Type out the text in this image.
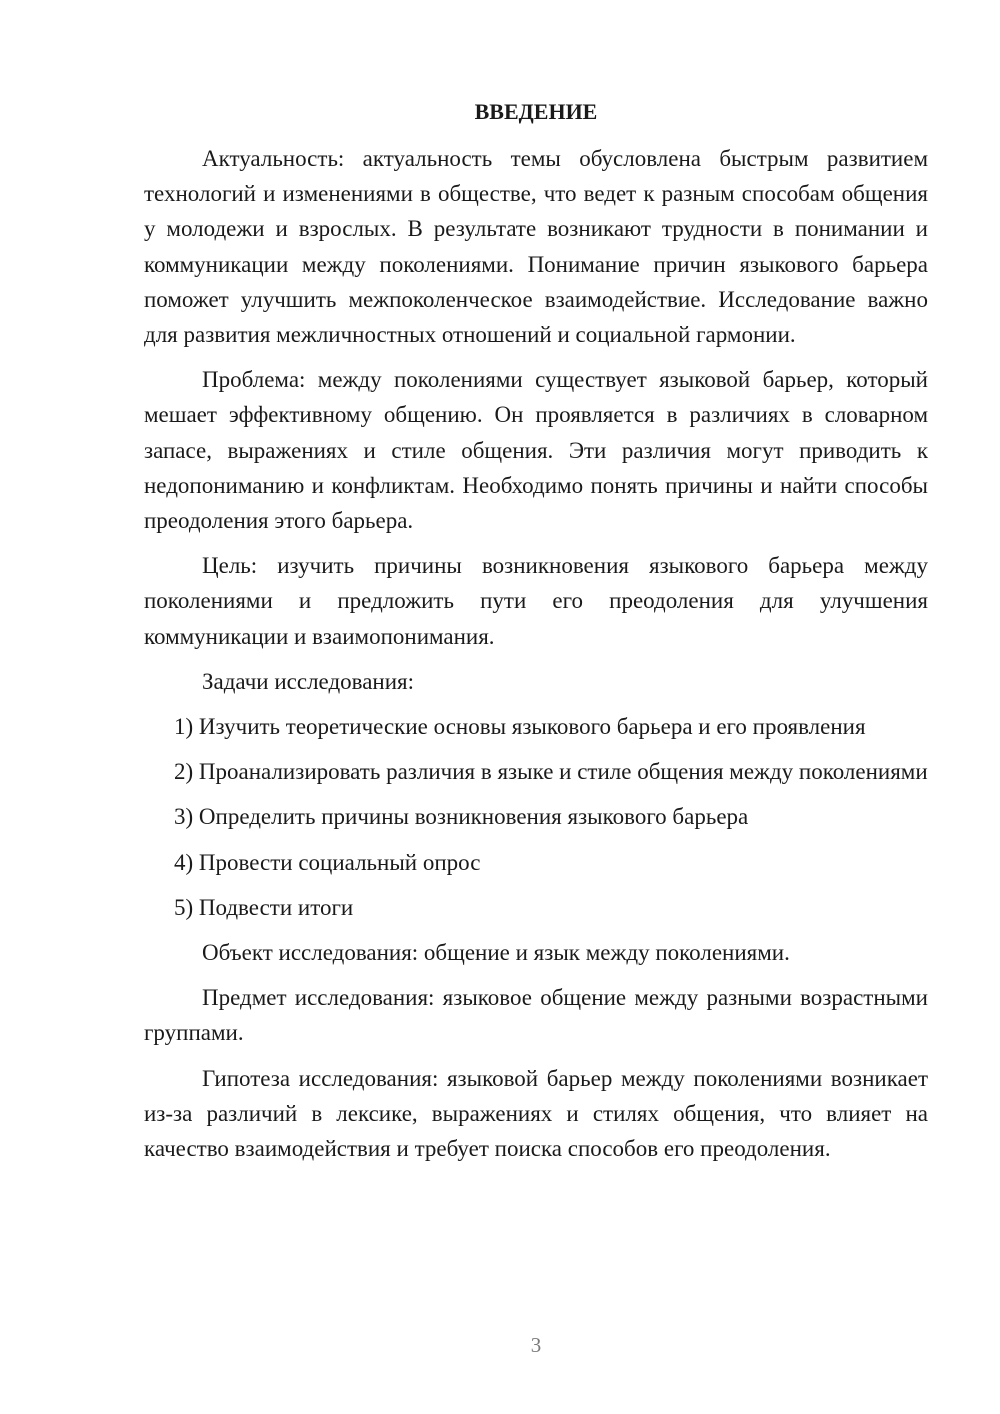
ВВЕДЕНИЕ

Актуальность: актуальность темы обусловлена быстрым развитием технологий и изменениями в обществе, что ведет к разным способам общения у молодежи и взрослых. В результате возникают трудности в понимании и коммуникации между поколениями. Понимание причин языкового барьера поможет улучшить межпоколенческое взаимодействие. Исследование важно для развития межличностных отношений и социальной гармонии.

Проблема: между поколениями существует языковой барьер, который мешает эффективному общению. Он проявляется в различиях в словарном запасе, выражениях и стиле общения. Эти различия могут приводить к недопониманию и конфликтам. Необходимо понять причины и найти способы преодоления этого барьера.

Цель: изучить причины возникновения языкового барьера между поколениями и предложить пути его преодоления для улучшения коммуникации и взаимопонимания.

Задачи исследования:

1) Изучить теоретические основы языкового барьера и его проявления
2) Проанализировать различия в языке и стиле общения между поколениями
3) Определить причины возникновения языкового барьера
4) Провести социальный опрос
5) Подвести итоги

Объект исследования: общение и язык между поколениями.

Предмет исследования: языковое общение между разными возрастными группами.

Гипотеза исследования: языковой барьер между поколениями возникает из-за различий в лексике, выражениях и стилях общения, что влияет на качество взаимодействия и требует поиска способов его преодоления.

3
